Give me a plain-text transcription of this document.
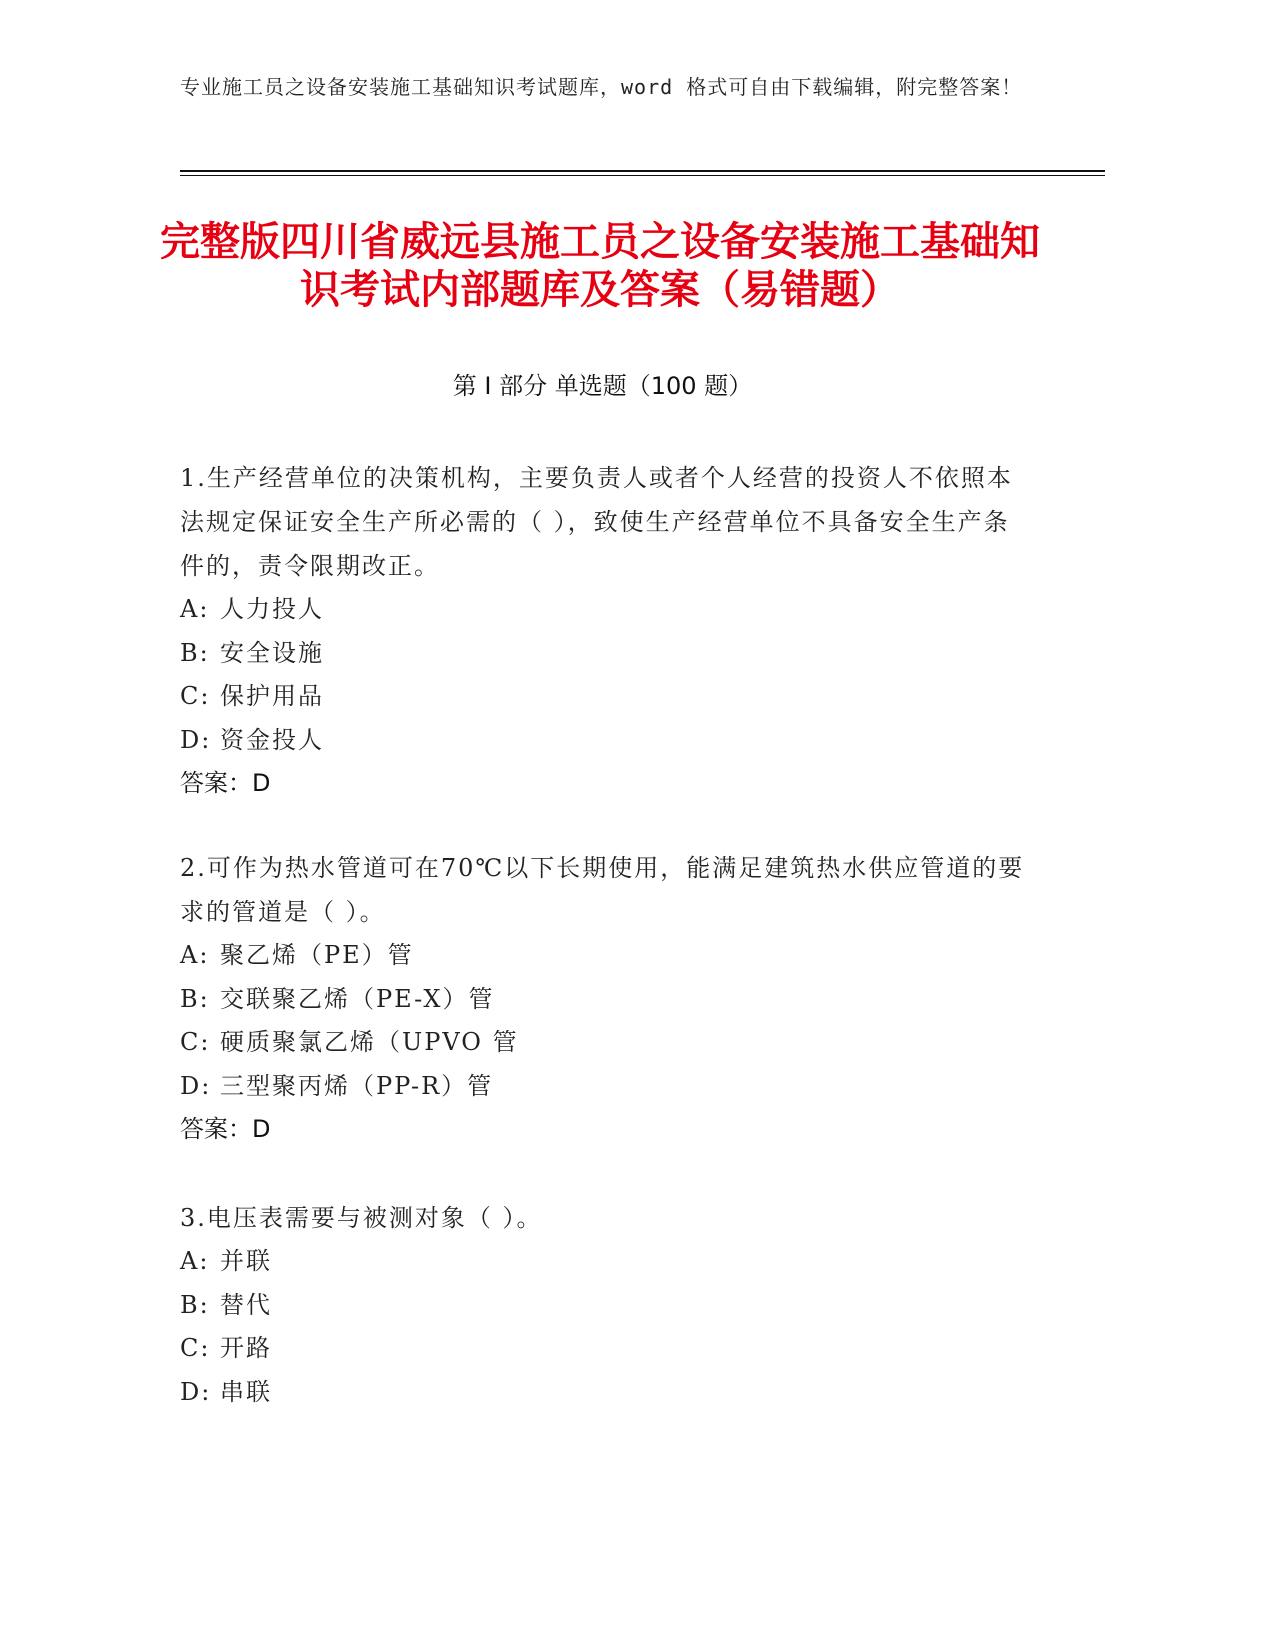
专业施工员之设备安装施工基础知识考试题库，word 格式可自由下载编辑，附完整答案！
完整版四川省威远县施工员之设备安装施工基础知识考试内部题库及答案（易错题）
第 I 部分 单选题（100 题）
1.生产经营单位的决策机构，主要负责人或者个人经营的投资人不依照本法规定保证安全生产所必需的（ ），致使生产经营单位不具备安全生产条件的，责令限期改正。
A: 人力投人
B: 安全设施
C: 保护用品
D: 资金投人
答案：D
2.可作为热水管道可在70℃以下长期使用，能满足建筑热水供应管道的要求的管道是（ ）。
A: 聚乙烯（PE）管
B: 交联聚乙烯（PE-X）管
C: 硬质聚氯乙烯（UPVO 管
D: 三型聚丙烯（PP-R）管
答案：D
3.电压表需要与被测对象（ ）。
A: 并联
B: 替代
C: 开路
D: 串联
